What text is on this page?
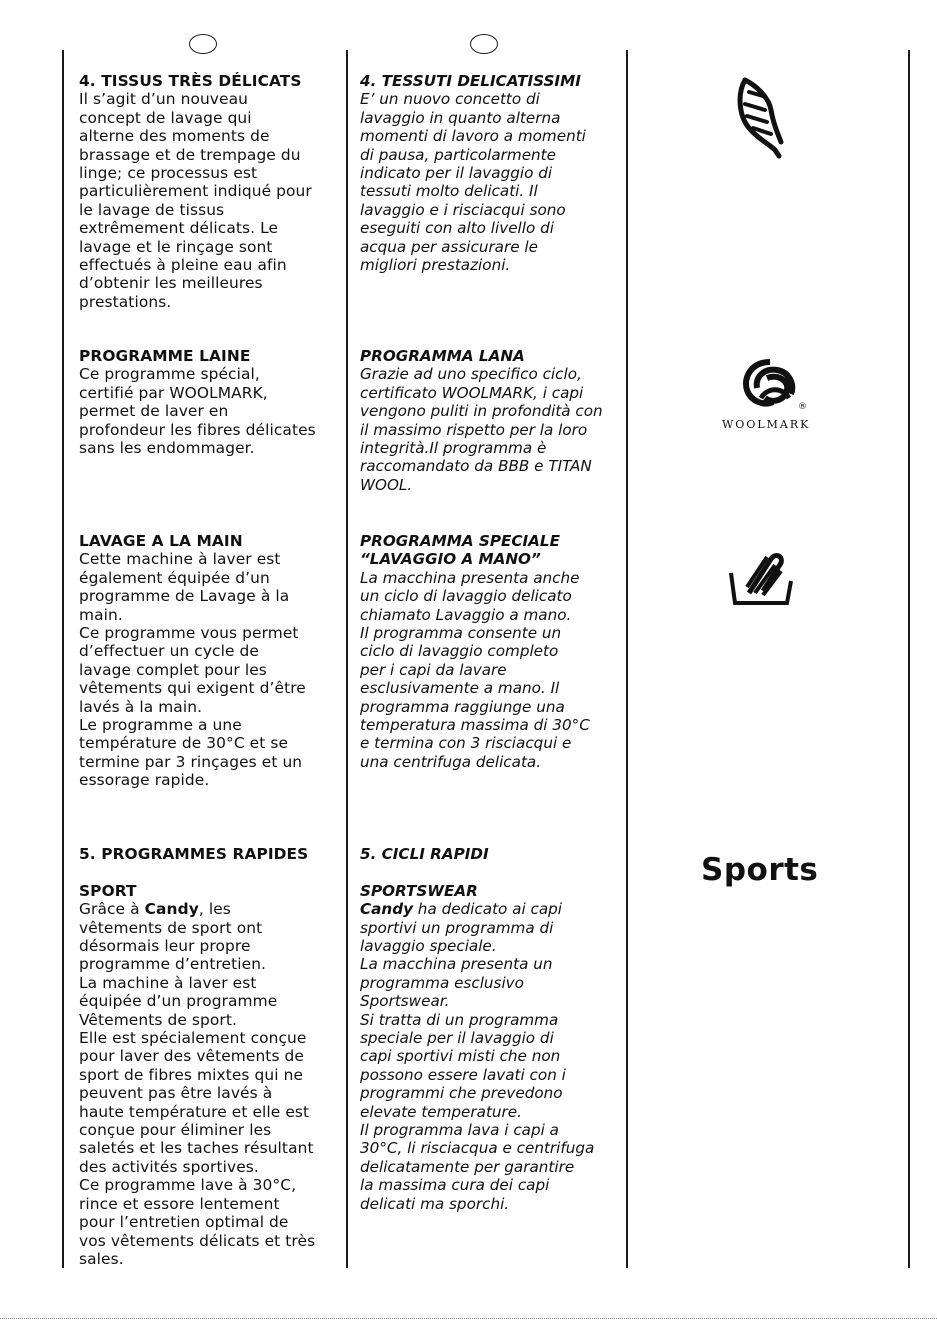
4. TISSUS TRÈS DÉLICATS

Il s’agit d’un nouveau

concept de lavage qui

alterne des moments de

brassage et de trempage du

linge; ce processus est

particulièrement indiqué pour

le lavage de tissus

extrêmement délicats. Le

lavage et le rinçage sont

effectués à pleine eau afin

d’obtenir les meilleures

prestations.

PROGRAMME LAINE

Ce programme spécial,

certifié par WOOLMARK,

permet de laver en

profondeur les fibres délicates

sans les endommager.

LAVAGE A LA MAIN

Cette machine à laver est

également équipée d’un

programme de Lavage à la

main.

Ce programme vous permet

d’effectuer un cycle de

lavage complet pour les

vêtements qui exigent d’être

lavés à la main.

Le programme a une

température de 30°C et se

termine par 3 rinçages et un

essorage rapide.

5. PROGRAMMES RAPIDES

SPORT

Grâce à Candy, les

vêtements de sport ont

désormais leur propre

programme d’entretien.

La machine à laver est

équipée d’un programme

Vêtements de sport.

Elle est spécialement conçue

pour laver des vêtements de

sport de fibres mixtes qui ne

peuvent pas être lavés à

haute température et elle est

conçue pour éliminer les

saletés et les taches résultant

des activités sportives.

Ce programme lave à 30°C,

rince et essore lentement

pour l’entretien optimal de

vos vêtements délicats et très

sales.

4. TESSUTI DELICATISSIMI

E’ un nuovo concetto di

lavaggio in quanto alterna

momenti di lavoro a momenti

di pausa, particolarmente

indicato per il lavaggio di

tessuti molto delicati. Il

lavaggio e i risciacqui sono

eseguiti con alto livello di

acqua per assicurare le

migliori prestazioni.

PROGRAMMA LANA

Grazie ad uno specifico ciclo,

certificato WOOLMARK, i capi

vengono puliti in profondità con

il massimo rispetto per la loro

integrità.Il programma è

raccomandato da BBB e TITAN

WOOL.

PROGRAMMA SPECIALE

“LAVAGGIO A MANO”

La macchina presenta anche

un ciclo di lavaggio delicato

chiamato Lavaggio a mano.

Il programma consente un

ciclo di lavaggio completo

per i capi da lavare

esclusivamente a mano. Il

programma raggiunge una

temperatura massima di 30°C

e termina con 3 risciacqui e

una centrifuga delicata.

5. CICLI RAPIDI

SPORTSWEAR

Candy ha dedicato ai capi

sportivi un programma di

lavaggio speciale.

La macchina presenta un

programma esclusivo

Sportswear.

Si tratta di un programma

speciale per il lavaggio di

capi sportivi misti che non

possono essere lavati con i

programmi che prevedono

elevate temperature.

Il programma lava i capi a

30°C, li risciacqua e centrifuga

delicatamente per garantire

la massima cura dei capi

delicati ma sporchi.

®
WOOLMARK
Sports
